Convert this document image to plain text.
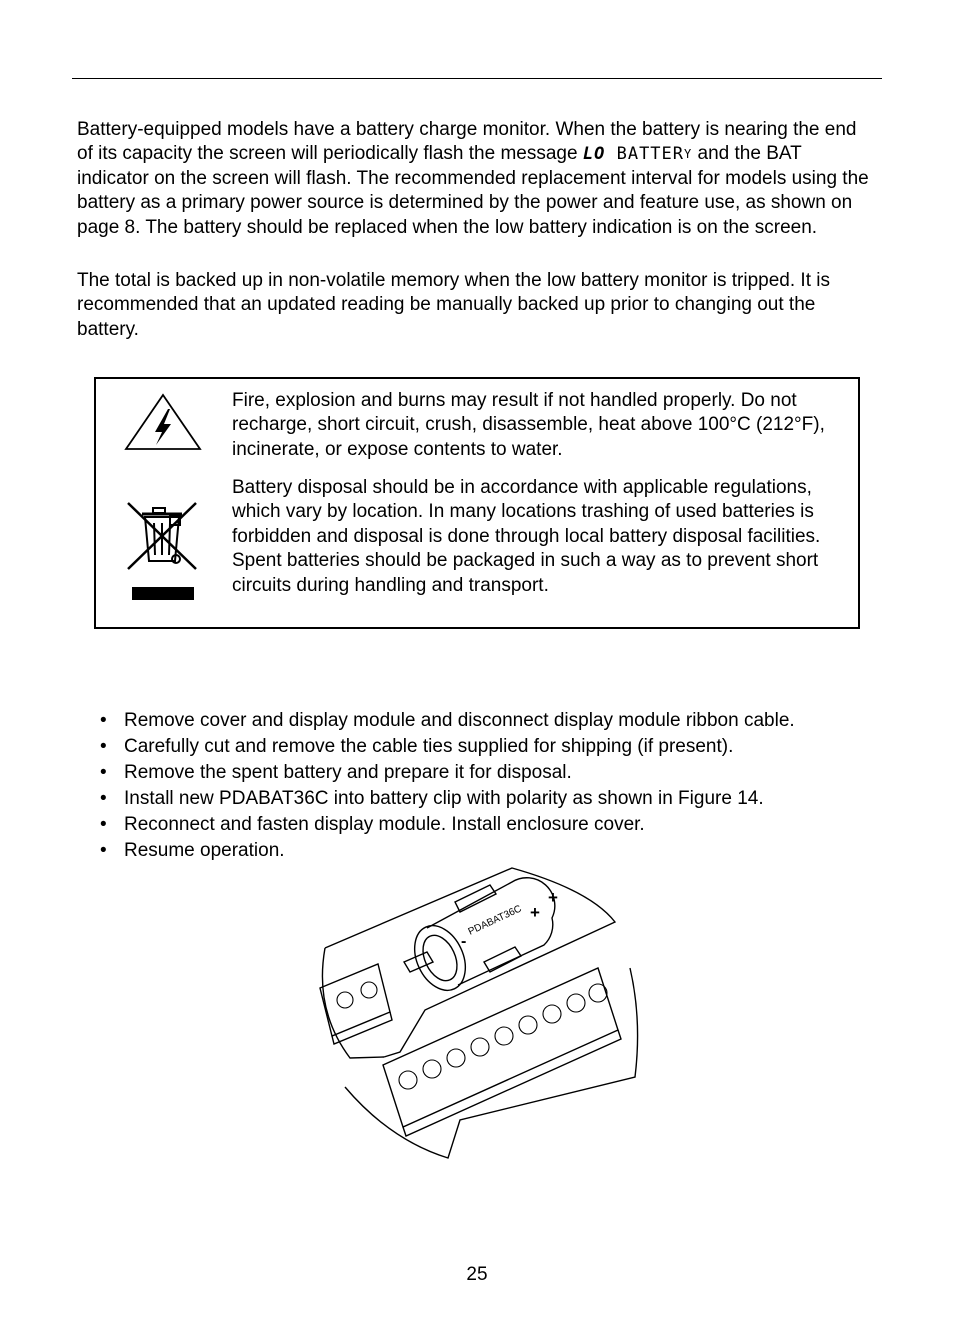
Battery-equipped models have a battery charge monitor. When the battery is nearing the end of its capacity the screen will periodically flash the message LO $BATTER^Y$ and the BAT indicator on the screen will flash. The recommended replacement interval for models using the battery as a primary power source is determined by the power and feature use, as shown on page 8. The battery should be replaced when the low battery indication is on the screen.

The total is backed up in non-volatile memory when the low battery monitor is tripped. It is recommended that an updated reading be manually backed up prior to changing out the battery.

Fire, explosion and burns may result if not handled properly. Do not recharge, short circuit, crush, disassemble, heat above 100°C (212°F), incinerate, or expose contents to water.

Battery disposal should be in accordance with applicable regulations, which vary by location. In many locations trashing of used batteries is forbidden and disposal is done through local battery disposal facilities. Spent batteries should be packaged in such a way as to prevent short circuits during handling and transport.

• Remove cover and display module and disconnect display module ribbon cable.
• Carefully cut and remove the cable ties supplied for shipping (if present).
• Remove the spent battery and prepare it for disposal.
• Install new PDABAT36C into battery clip with polarity as shown in Figure 14.
• Reconnect and fasten display module. Install enclosure cover.
• Resume operation.
PDABAT36C +
+
-
25
